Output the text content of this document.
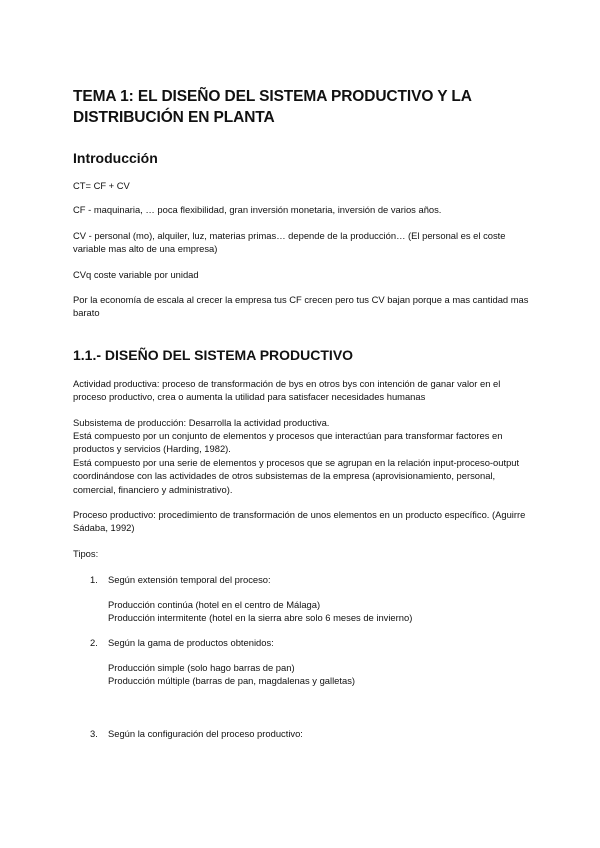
TEMA 1: EL DISEÑO DEL SISTEMA PRODUCTIVO Y LA DISTRIBUCIÓN EN PLANTA
Introducción
CT= CF + CV
CF - maquinaria, … poca flexibilidad, gran inversión monetaria, inversión de varios años.
CV - personal (mo), alquiler, luz, materias primas… depende de la producción… (El personal es el coste variable mas alto de una empresa)
CVq coste variable por unidad
Por la economía de escala al crecer la empresa tus CF crecen pero tus CV bajan porque a mas cantidad mas barato
1.1.- DISEÑO DEL SISTEMA PRODUCTIVO
Actividad productiva: proceso de transformación de bys en otros bys con intención de ganar valor en el proceso productivo, crea o aumenta la utilidad para satisfacer necesidades humanas
Subsistema de producción: Desarrolla la actividad productiva.
Está compuesto por un conjunto de elementos y procesos que interactúan para transformar factores en productos y servicios (Harding, 1982).
Está compuesto por una serie de elementos y procesos que se agrupan en la relación input-proceso-output coordinándose con las actividades de otros subsistemas de la empresa (aprovisionamiento, personal, comercial, financiero y administrativo).
Proceso productivo: procedimiento de transformación de unos elementos en un producto específico. (Aguirre Sádaba, 1992)
Tipos:
1. Según extensión temporal del proceso:
Producción continúa (hotel en el centro de Málaga)
Producción intermitente (hotel en la sierra abre solo 6 meses de invierno)
2. Según la gama de productos obtenidos:
Producción simple (solo hago barras de pan)
Producción múltiple (barras de pan, magdalenas y galletas)
3. Según la configuración del proceso productivo:
